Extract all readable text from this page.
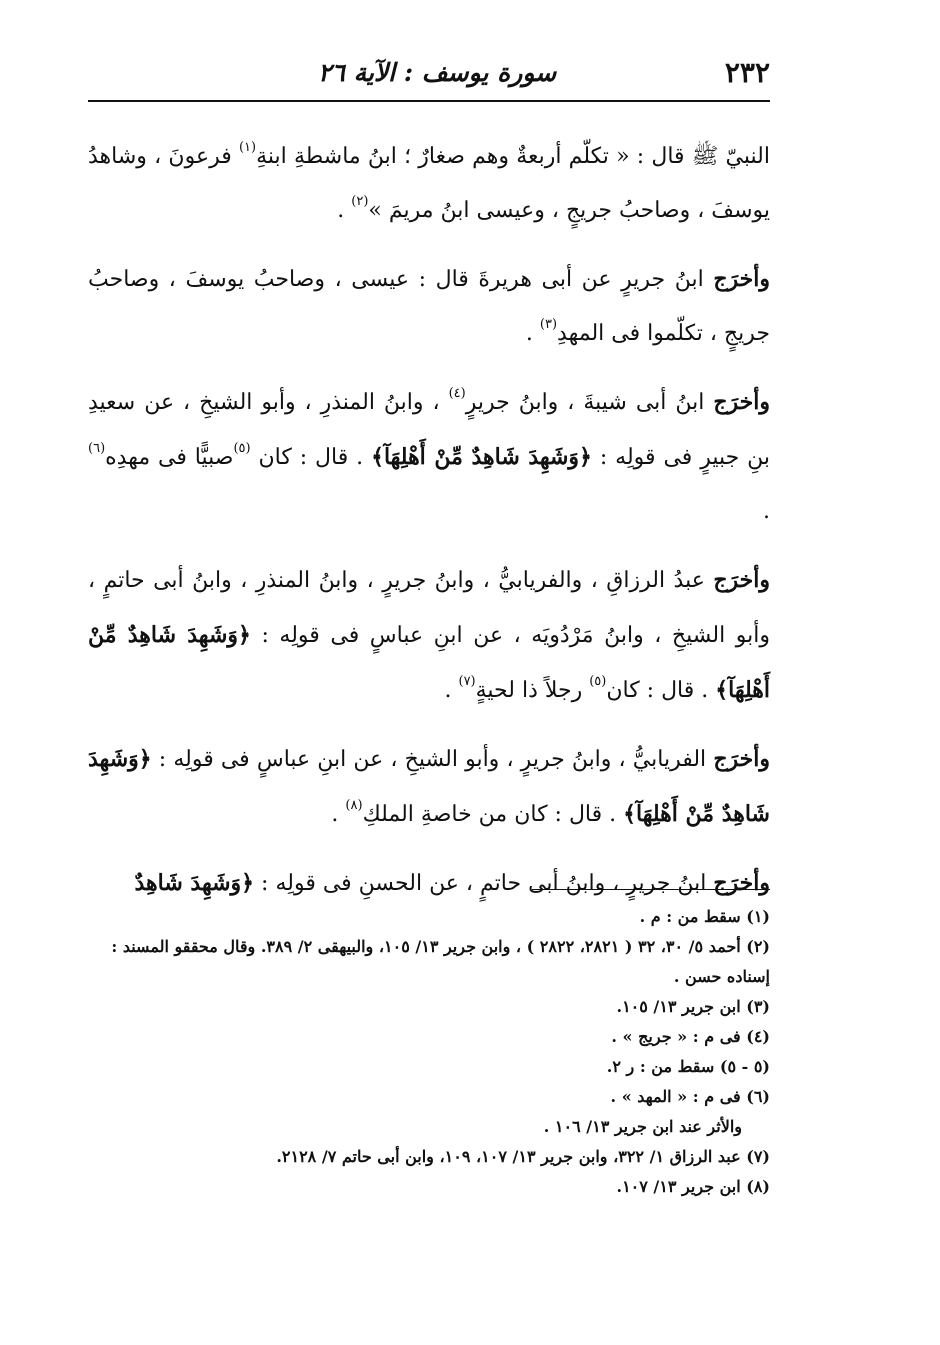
٢٣٢
سورة يوسف : الآية ٢٦

النبيّ ﷺ قال : « تكلّم أربعةٌ وهم صغارٌ ؛ ابنُ ماشطةِ ابنةِ$^{(١)}$ فرعونَ ، وشاهدُ يوسفَ ، وصاحبُ جريجٍ ، وعيسى ابنُ مريمَ »$^{(٢)}$ .

وأخرَج ابنُ جريرٍ عن أبى هريرةَ قال : عيسى ، وصاحبُ يوسفَ ، وصاحبُ جريجٍ ، تكلّموا فى المهدِ$^{(٣)}$ .

وأخرَج ابنُ أبى شيبةَ ، وابنُ جريرٍ$^{(٤)}$ ، وابنُ المنذرِ ، وأبو الشيخِ ، عن سعيدِ بنِ جبيرٍ فى قولِه : ﴿وَشَهِدَ شَاهِدٌ مِّنْ أَهْلِهَآ﴾ . قال : كان $^{(٥)}$صبيًّا فى مهدِه$^{(٦)}$ .

وأخرَج عبدُ الرزاقِ ، والفريابيُّ ، وابنُ جريرٍ ، وابنُ المنذرِ ، وابنُ أبى حاتمٍ ، وأبو الشيخِ ، وابنُ مَرْدُويَه ، عن ابنِ عباسٍ فى قولِه : ﴿وَشَهِدَ شَاهِدٌ مِّنْ أَهْلِهَآ﴾ . قال : كان$^{(٥)}$ رجلاً ذا لحيةٍ$^{(٧)}$ .

وأخرَج الفريابيُّ ، وابنُ جريرٍ ، وأبو الشيخِ ، عن ابنِ عباسٍ فى قولِه : ﴿وَشَهِدَ شَاهِدٌ مِّنْ أَهْلِهَآ﴾ . قال : كان من خاصةِ الملكِ$^{(٨)}$ .

وأخرَج ابنُ جريرٍ ، وابنُ أبى حاتمٍ ، عن الحسنِ فى قولِه : ﴿وَشَهِدَ شَاهِدٌ

(١) سقط من : م .

(٢) أحمد ٥/ ٣٠، ٣٢ ( ٢٨٢١، ٢٨٢٢ ) ، وابن جرير ١٣/ ١٠٥، والبيهقى ٢/ ٣٨٩. وقال محققو المسند : إسناده حسن .

(٣) ابن جرير ١٣/ ١٠٥.

(٤) فى م : « جريج » .

(٥ - ٥) سقط من : ر ٢.

(٦) فى م : « المهد » .

والأثر عند ابن جرير ١٣/ ١٠٦ .

(٧) عبد الرزاق ١/ ٣٢٢، وابن جرير ١٣/ ١٠٧، ١٠٩، وابن أبى حاتم ٧/ ٢١٢٨.

(٨) ابن جرير ١٣/ ١٠٧.
